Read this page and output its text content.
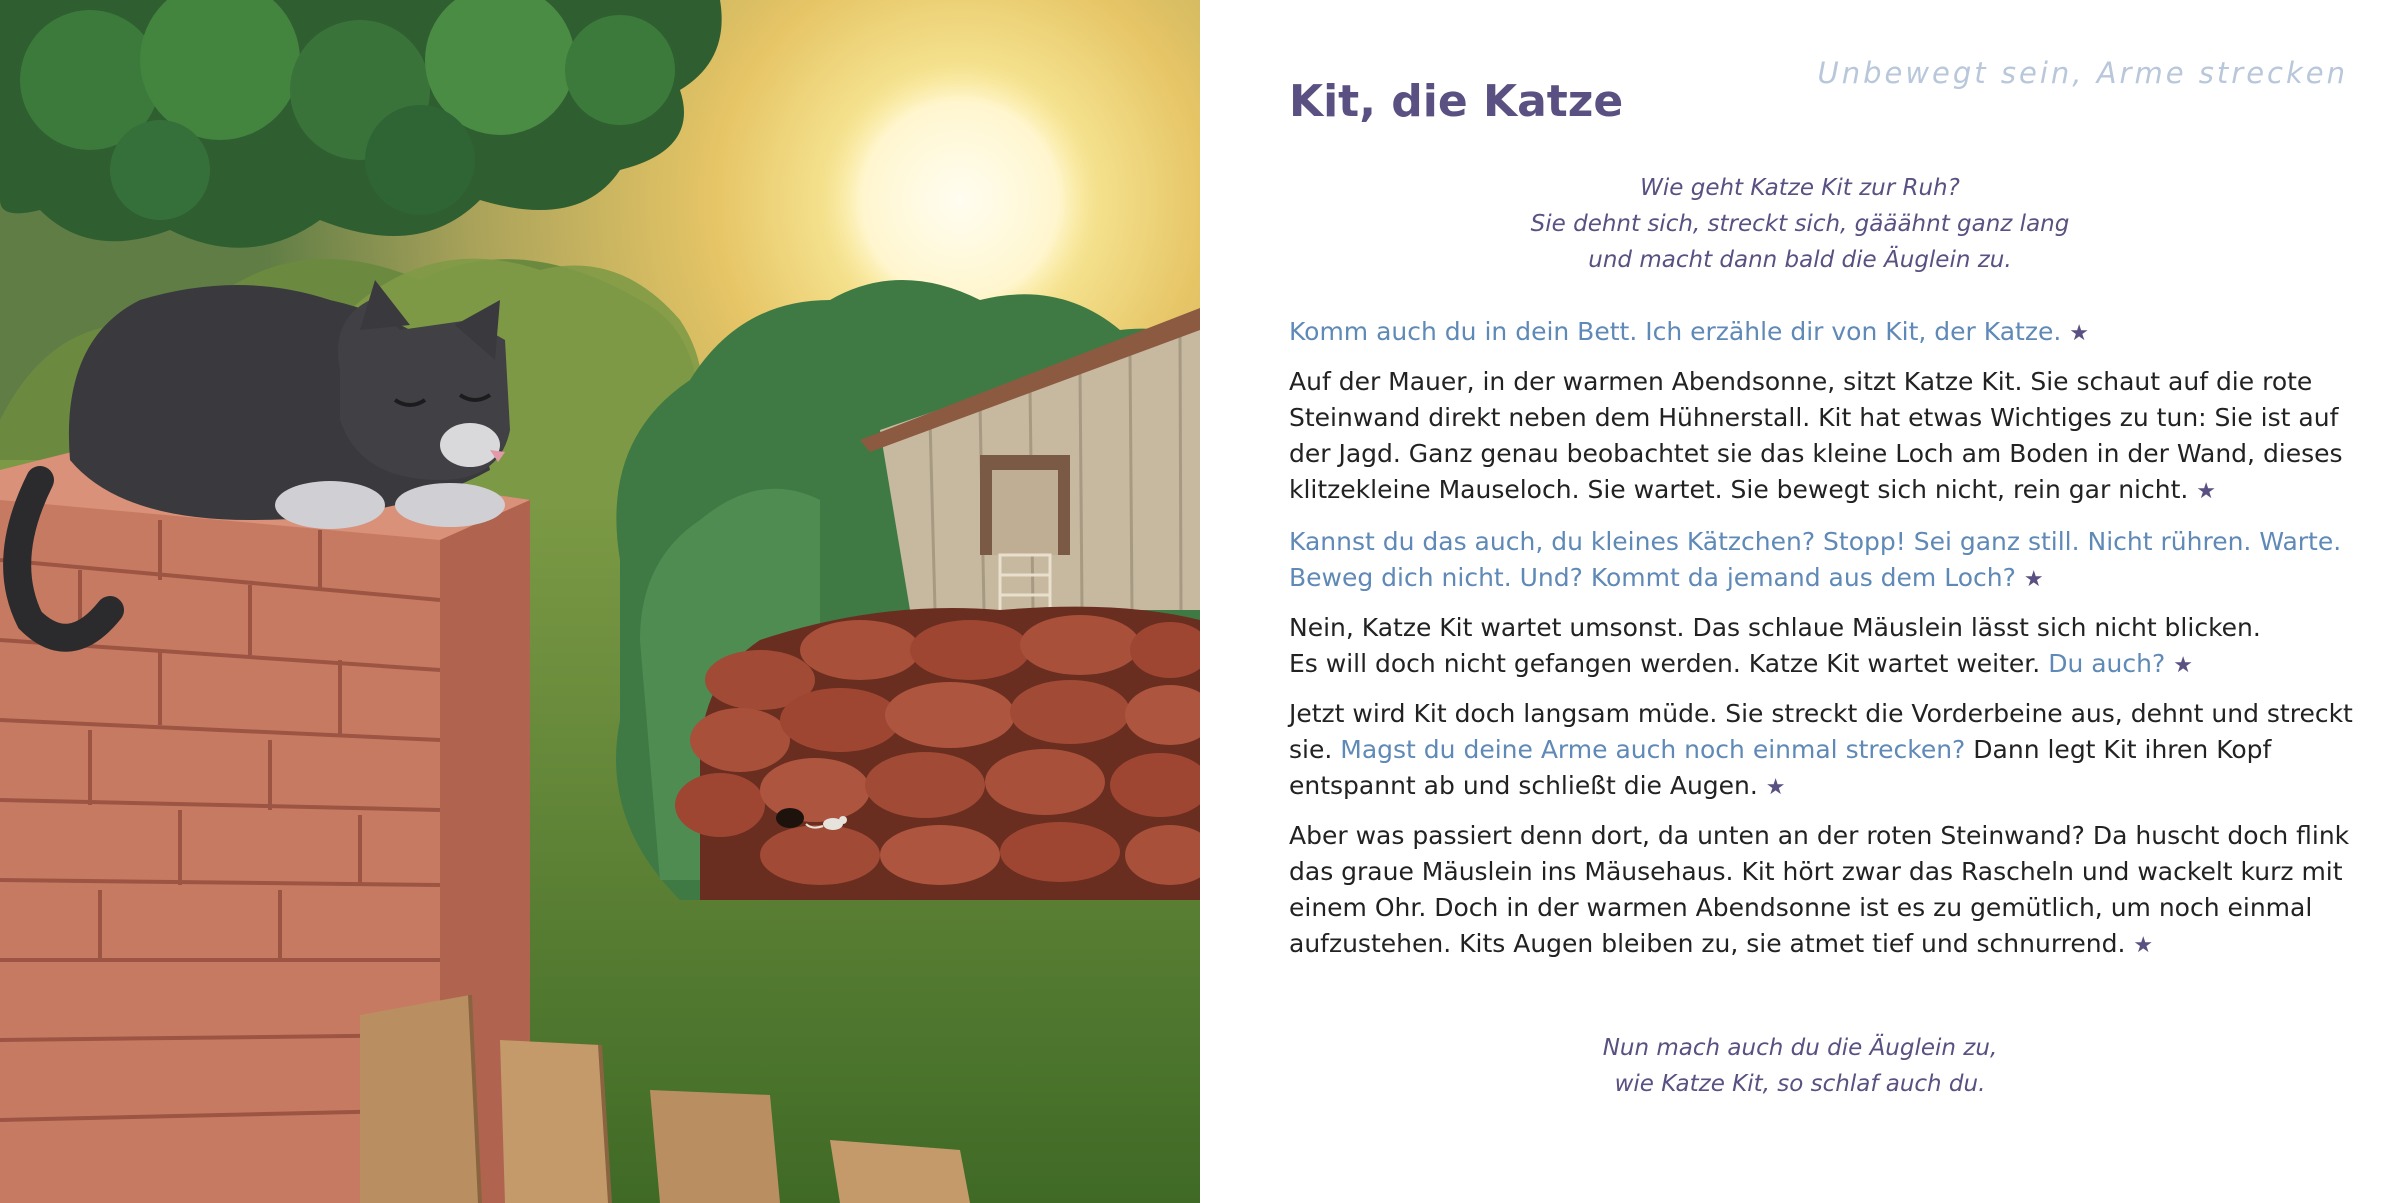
Unbewegt sein, Arme strecken
Kit, die Katze
Wie geht Katze Kit zur Ruh?
Sie dehnt sich, streckt sich, gääähnt ganz lang
und macht dann bald die Äuglein zu.
Komm auch du in dein Bett. Ich erzähle dir von Kit, der Katze. ★
Auf der Mauer, in der warmen Abendsonne, sitzt Katze Kit. Sie schaut auf die rote
Steinwand direkt neben dem Hühnerstall. Kit hat etwas Wichtiges zu tun: Sie ist auf
der Jagd. Ganz genau beobachtet sie das kleine Loch am Boden in der Wand, dieses
klitzekleine Mauseloch. Sie wartet. Sie bewegt sich nicht, rein gar nicht. ★
Kannst du das auch, du kleines Kätzchen? Stopp! Sei ganz still. Nicht rühren. Warte.
Beweg dich nicht. Und? Kommt da jemand aus dem Loch? ★
Nein, Katze Kit wartet umsonst. Das schlaue Mäuslein lässt sich nicht blicken.
Es will doch nicht gefangen werden. Katze Kit wartet weiter. Du auch? ★
Jetzt wird Kit doch langsam müde. Sie streckt die Vorderbeine aus, dehnt und streckt
sie. Magst du deine Arme auch noch einmal strecken? Dann legt Kit ihren Kopf
entspannt ab und schließt die Augen. ★
Aber was passiert denn dort, da unten an der roten Steinwand? Da huscht doch flink
das graue Mäuslein ins Mäusehaus. Kit hört zwar das Rascheln und wackelt kurz mit
einem Ohr. Doch in der warmen Abendsonne ist es zu gemütlich, um noch einmal
aufzustehen. Kits Augen bleiben zu, sie atmet tief und schnurrend. ★
Nun mach auch du die Äuglein zu,
wie Katze Kit, so schlaf auch du.
